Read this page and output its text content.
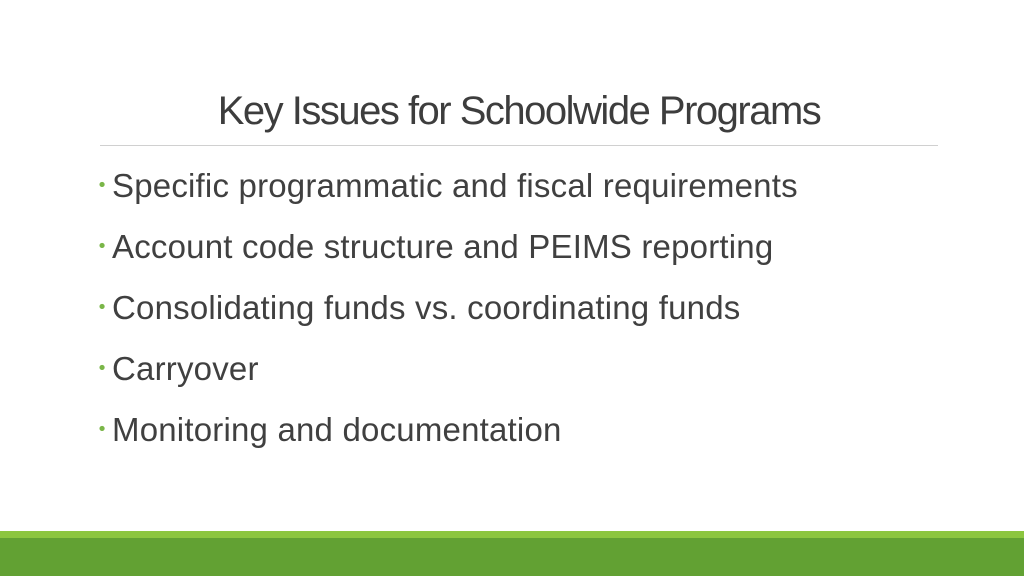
Key Issues for Schoolwide Programs
• Specific programmatic and fiscal requirements
• Account code structure and PEIMS reporting
• Consolidating funds vs. coordinating funds
• Carryover
• Monitoring and documentation
